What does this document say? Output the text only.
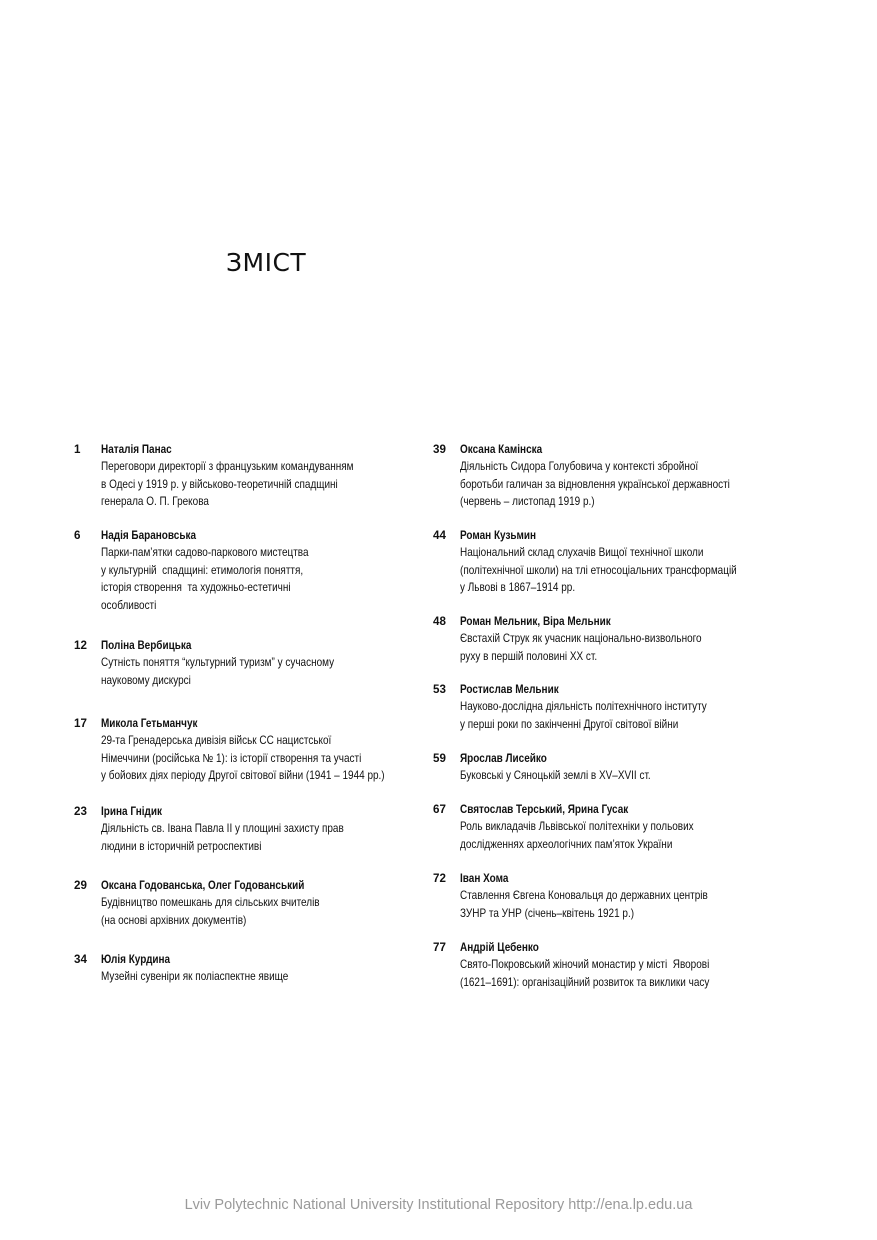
ЗМІСТ
1 Наталія Панас
Переговори директорії з французьким командуванням
в Одесі у 1919 р. у військово-теоретичній спадщині
генерала О. П. Грекова
6 Надія Барановська
Парки-пам’ятки садово-паркового мистецтва
у культурній  спадщині: етимологія поняття,
історія створення  та художньо-естетичні
особливості
12 Поліна Вербицька
Сутність поняття “культурний туризм” у сучасному
науковому дискурсі
17 Микола Гетьманчук
29-та Гренадерська дивізія військ СС нацистської
Німеччини (російська № 1): із історії створення та участі
у бойових діях періоду Другої світової війни (1941 – 1944 рр.)
23 Ірина Гнідик
Діяльність св. Івана Павла ІІ у площині захисту прав
людини в історичній ретроспективі
29 Оксана Годованська, Олег Годованський
Будівництво помешкань для сільських вчителів
(на основі архівних документів)
34 Юлія Курдина
Музейні сувеніри як поліаспектне явище
39 Оксана Камінска
Діяльність Сидора Голубовича у контексті збройної
боротьби галичан за відновлення української державності
(червень – листопад 1919 р.)
44 Роман Кузьмин
Національний склад слухачів Вищої технічної школи
(політехнічної школи) на тлі етносоціальних трансформацій
у Львові в 1867–1914 рр.
48 Роман Мельник, Віра Мельник
Євстахій Струк як учасник національно-визвольного
руху в першій половині ХХ ст.
53 Ростислав Мельник
Науково-дослідна діяльність політехнічного інституту
у перші роки по закінченні Другої світової війни
59 Ярослав Лисейко
Буковські у Сяноцькій землі в XV–XVII ст.
67 Святослав Терський, Ярина Гусак
Роль викладачів Львівської політехніки у польових
дослідженнях археологічних пам’яток України
72 Іван Хома
Ставлення Євгена Коновальця до державних центрів
ЗУНР та УНР (січень–квітень 1921 р.)
77 Андрій Цебенко
Свято-Покровський жіночий монастир у місті  Яворові
(1621–1691): організаційний розвиток та виклики часу
Lviv Polytechnic National University Institutional Repository http://ena.lp.edu.ua
